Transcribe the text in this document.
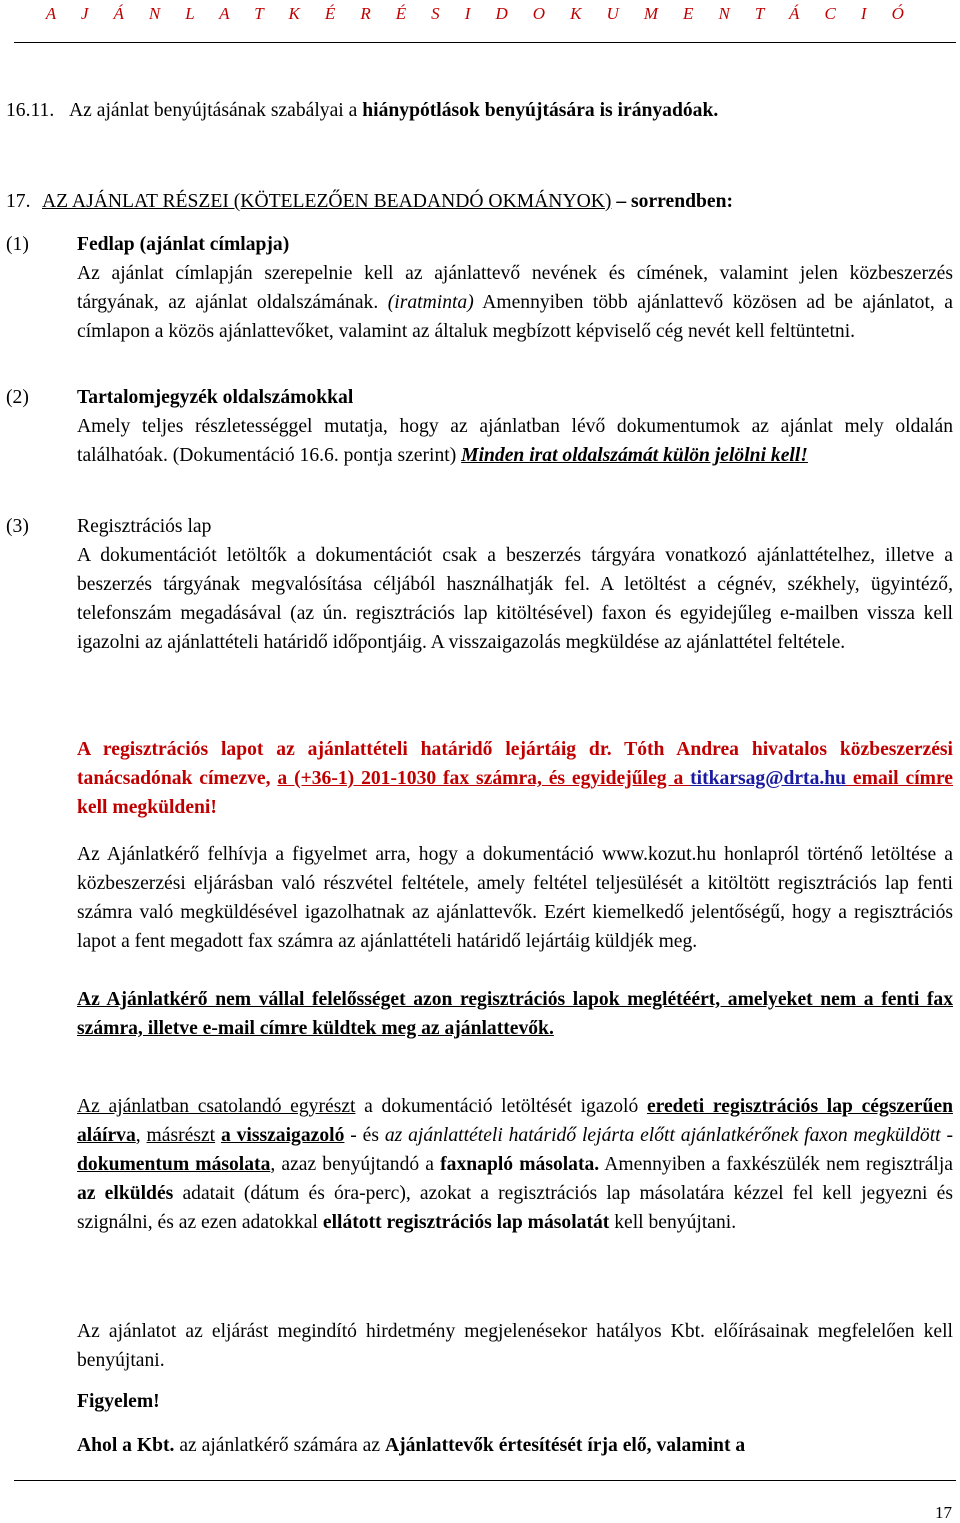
A J Á N L A T K É R É S I D O K U M E N T Á C I Ó
16.11. Az ajánlat benyújtásának szabályai a hiánypótlások benyújtására is irányadóak.
17. AZ AJÁNLAT RÉSZEI (KÖTELEZŐEN BEADANDÓ OKMÁNYOK) – sorrendben:
(1) Fedlap (ajánlat címlapja)
Az ajánlat címlapján szerepelnie kell az ajánlattevő nevének és címének, valamint jelen közbeszerzés tárgyának, az ajánlat oldalszámának. (iratminta) Amennyiben több ajánlattevő közösen ad be ajánlatot, a címlapon a közös ajánlattevőket, valamint az általuk megbízott képviselő cég nevét kell feltüntetni.
(2) Tartalomjegyzék oldalszámokkal
Amely teljes részletességgel mutatja, hogy az ajánlatban lévő dokumentumok az ajánlat mely oldalán találhatóak. (Dokumentáció 16.6. pontja szerint) Minden irat oldalszámát külön jelölni kell!
(3) Regisztrációs lap
A dokumentációt letöltők a dokumentációt csak a beszerzés tárgyára vonatkozó ajánlattételhez, illetve a beszerzés tárgyának megvalósítása céljából használhatják fel. A letöltést a cégnév, székhely, ügyintéző, telefonszám megadásával (az ún. regisztrációs lap kitöltésével) faxon és egyidejűleg e-mailben vissza kell igazolni az ajánlattételi határidő időpontjáig. A visszaigazolás megküldése az ajánlattétel feltétele.
A regisztrációs lapot az ajánlattételi határidő lejártáig dr. Tóth Andrea hivatalos közbeszerzési tanácsadónak címezve, a (+36-1) 201-1030 fax számra, és egyidejűleg a titkarsag@drta.hu email címre kell megküldeni!
Az Ajánlatkérő felhívja a figyelmet arra, hogy a dokumentáció www.kozut.hu honlapról történő letöltése a közbeszerzési eljárásban való részvétel feltétele, amely feltétel teljesülését a kitöltött regisztrációs lap fenti számra való megküldésével igazolhatnak az ajánlattevők. Ezért kiemelkedő jelentőségű, hogy a regisztrációs lapot a fent megadott fax számra az ajánlattételi határidő lejártáig küldjék meg.
Az Ajánlatkérő nem vállal felelősséget azon regisztrációs lapok meglétéért, amelyeket nem a fenti fax számra, illetve e-mail címre küldtek meg az ajánlattevők.
Az ajánlatban csatolandó egyrészt a dokumentáció letöltését igazoló eredeti regisztrációs lap cégszerűen aláírva, másrészt a visszaigazoló - és az ajánlattételi határidő lejárta előtt ajánlatkérőnek faxon megküldött - dokumentum másolata, azaz benyújtandó a faxnapló másolata. Amennyiben a faxkészülék nem regisztrálja az elküldés adatait (dátum és óra-perc), azokat a regisztrációs lap másolatára kézzel fel kell jegyezni és szignálni, és az ezen adatokkal ellátott regisztrációs lap másolatát kell benyújtani.
Az ajánlatot az eljárást megindító hirdetmény megjelenésekor hatályos Kbt. előírásainak megfelelően kell benyújtani.
Figyelem!
Ahol a Kbt. az ajánlatkérő számára az Ajánlattevők értesítését írja elő, valamint a
17
